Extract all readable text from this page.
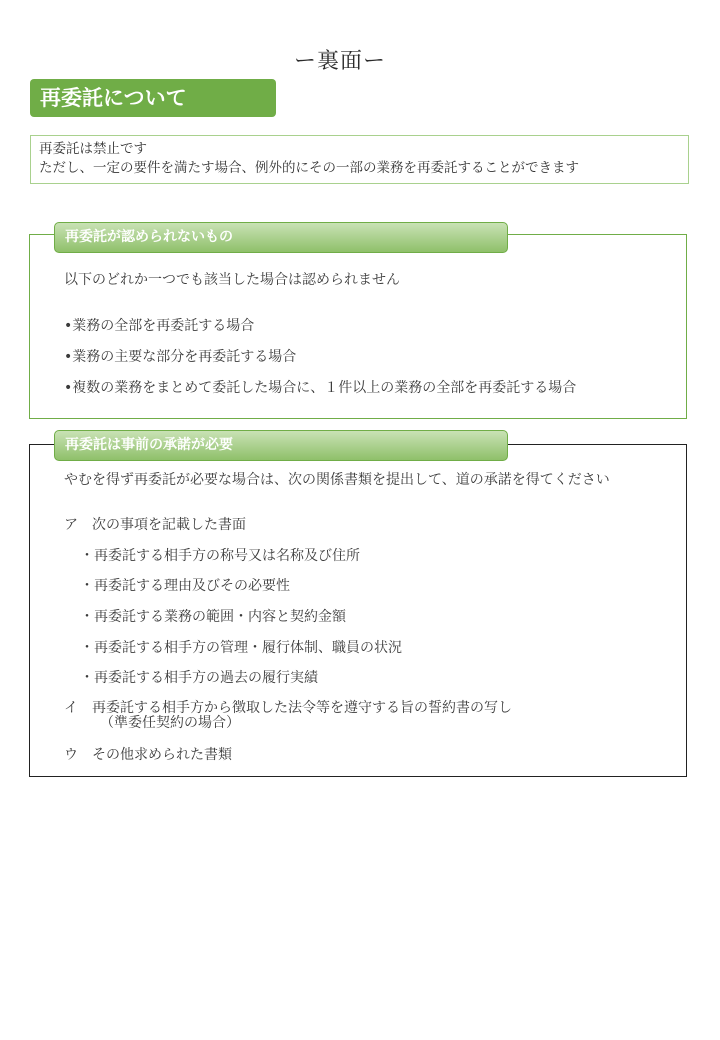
ー裏面ー
再委託について
再委託は禁止です
ただし、一定の要件を満たす場合、例外的にその一部の業務を再委託することができます
再委託が認められないもの
以下のどれか一つでも該当した場合は認められません
•業務の全部を再委託する場合
•業務の主要な部分を再委託する場合
•複数の業務をまとめて委託した場合に、１件以上の業務の全部を再委託する場合
再委託は事前の承諾が必要
やむを得ず再委託が必要な場合は、次の関係書類を提出して、道の承諾を得てください
ア　次の事項を記載した書面
・再委託する相手方の称号又は名称及び住所
・再委託する理由及びその必要性
・再委託する業務の範囲・内容と契約金額
・再委託する相手方の管理・履行体制、職員の状況
・再委託する相手方の過去の履行実績
イ　再委託する相手方から徴取した法令等を遵守する旨の誓約書の写し
（準委任契約の場合）
ウ　その他求められた書類
